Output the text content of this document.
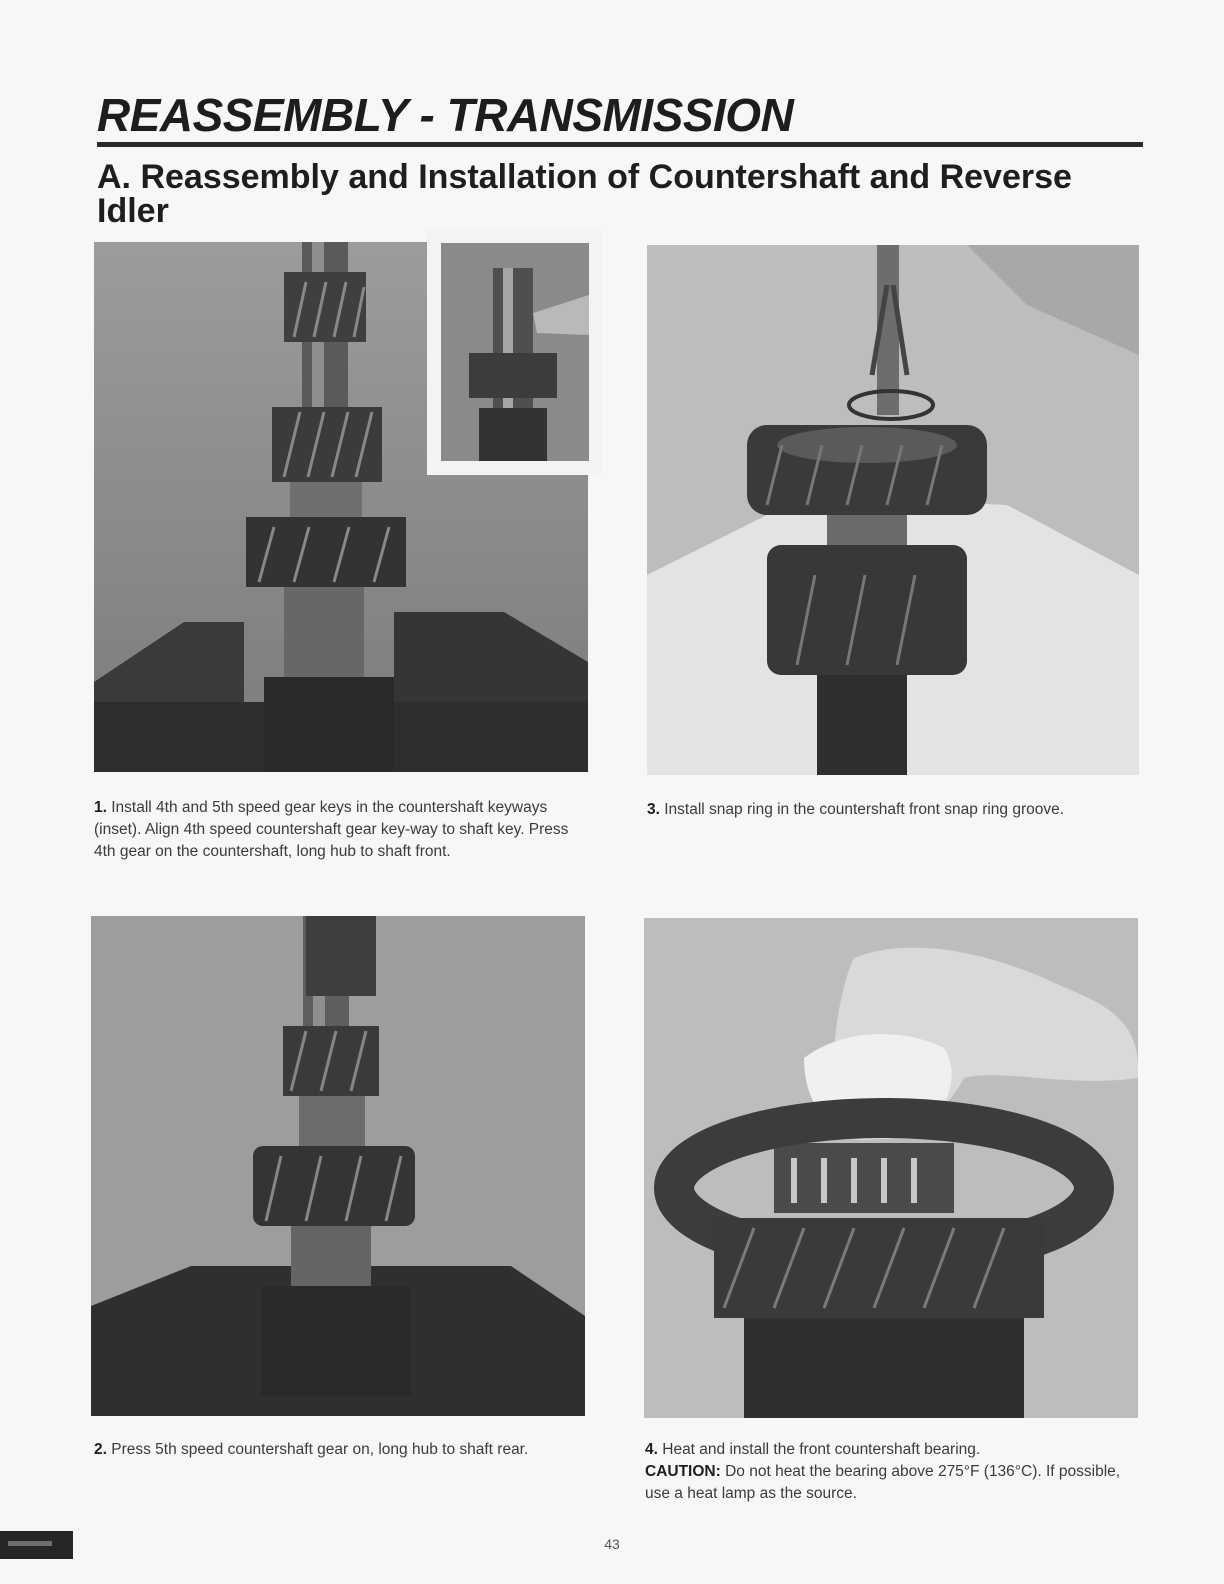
REASSEMBLY - TRANSMISSION
A. Reassembly and Installation of Countershaft and Reverse Idler

1. Install 4th and 5th speed gear keys in the countershaft keyways (inset). Align 4th speed countershaft gear key-way to shaft key. Press 4th gear on the countershaft, long hub to shaft front.

3. Install snap ring in the countershaft front snap ring groove.

2. Press 5th speed countershaft gear on, long hub to shaft rear.	4. Heat and install the front countershaft bearing.
CAUTION: Do not heat the bearing above 275°F (136°C). If possible, use a heat lamp as the source.

43
